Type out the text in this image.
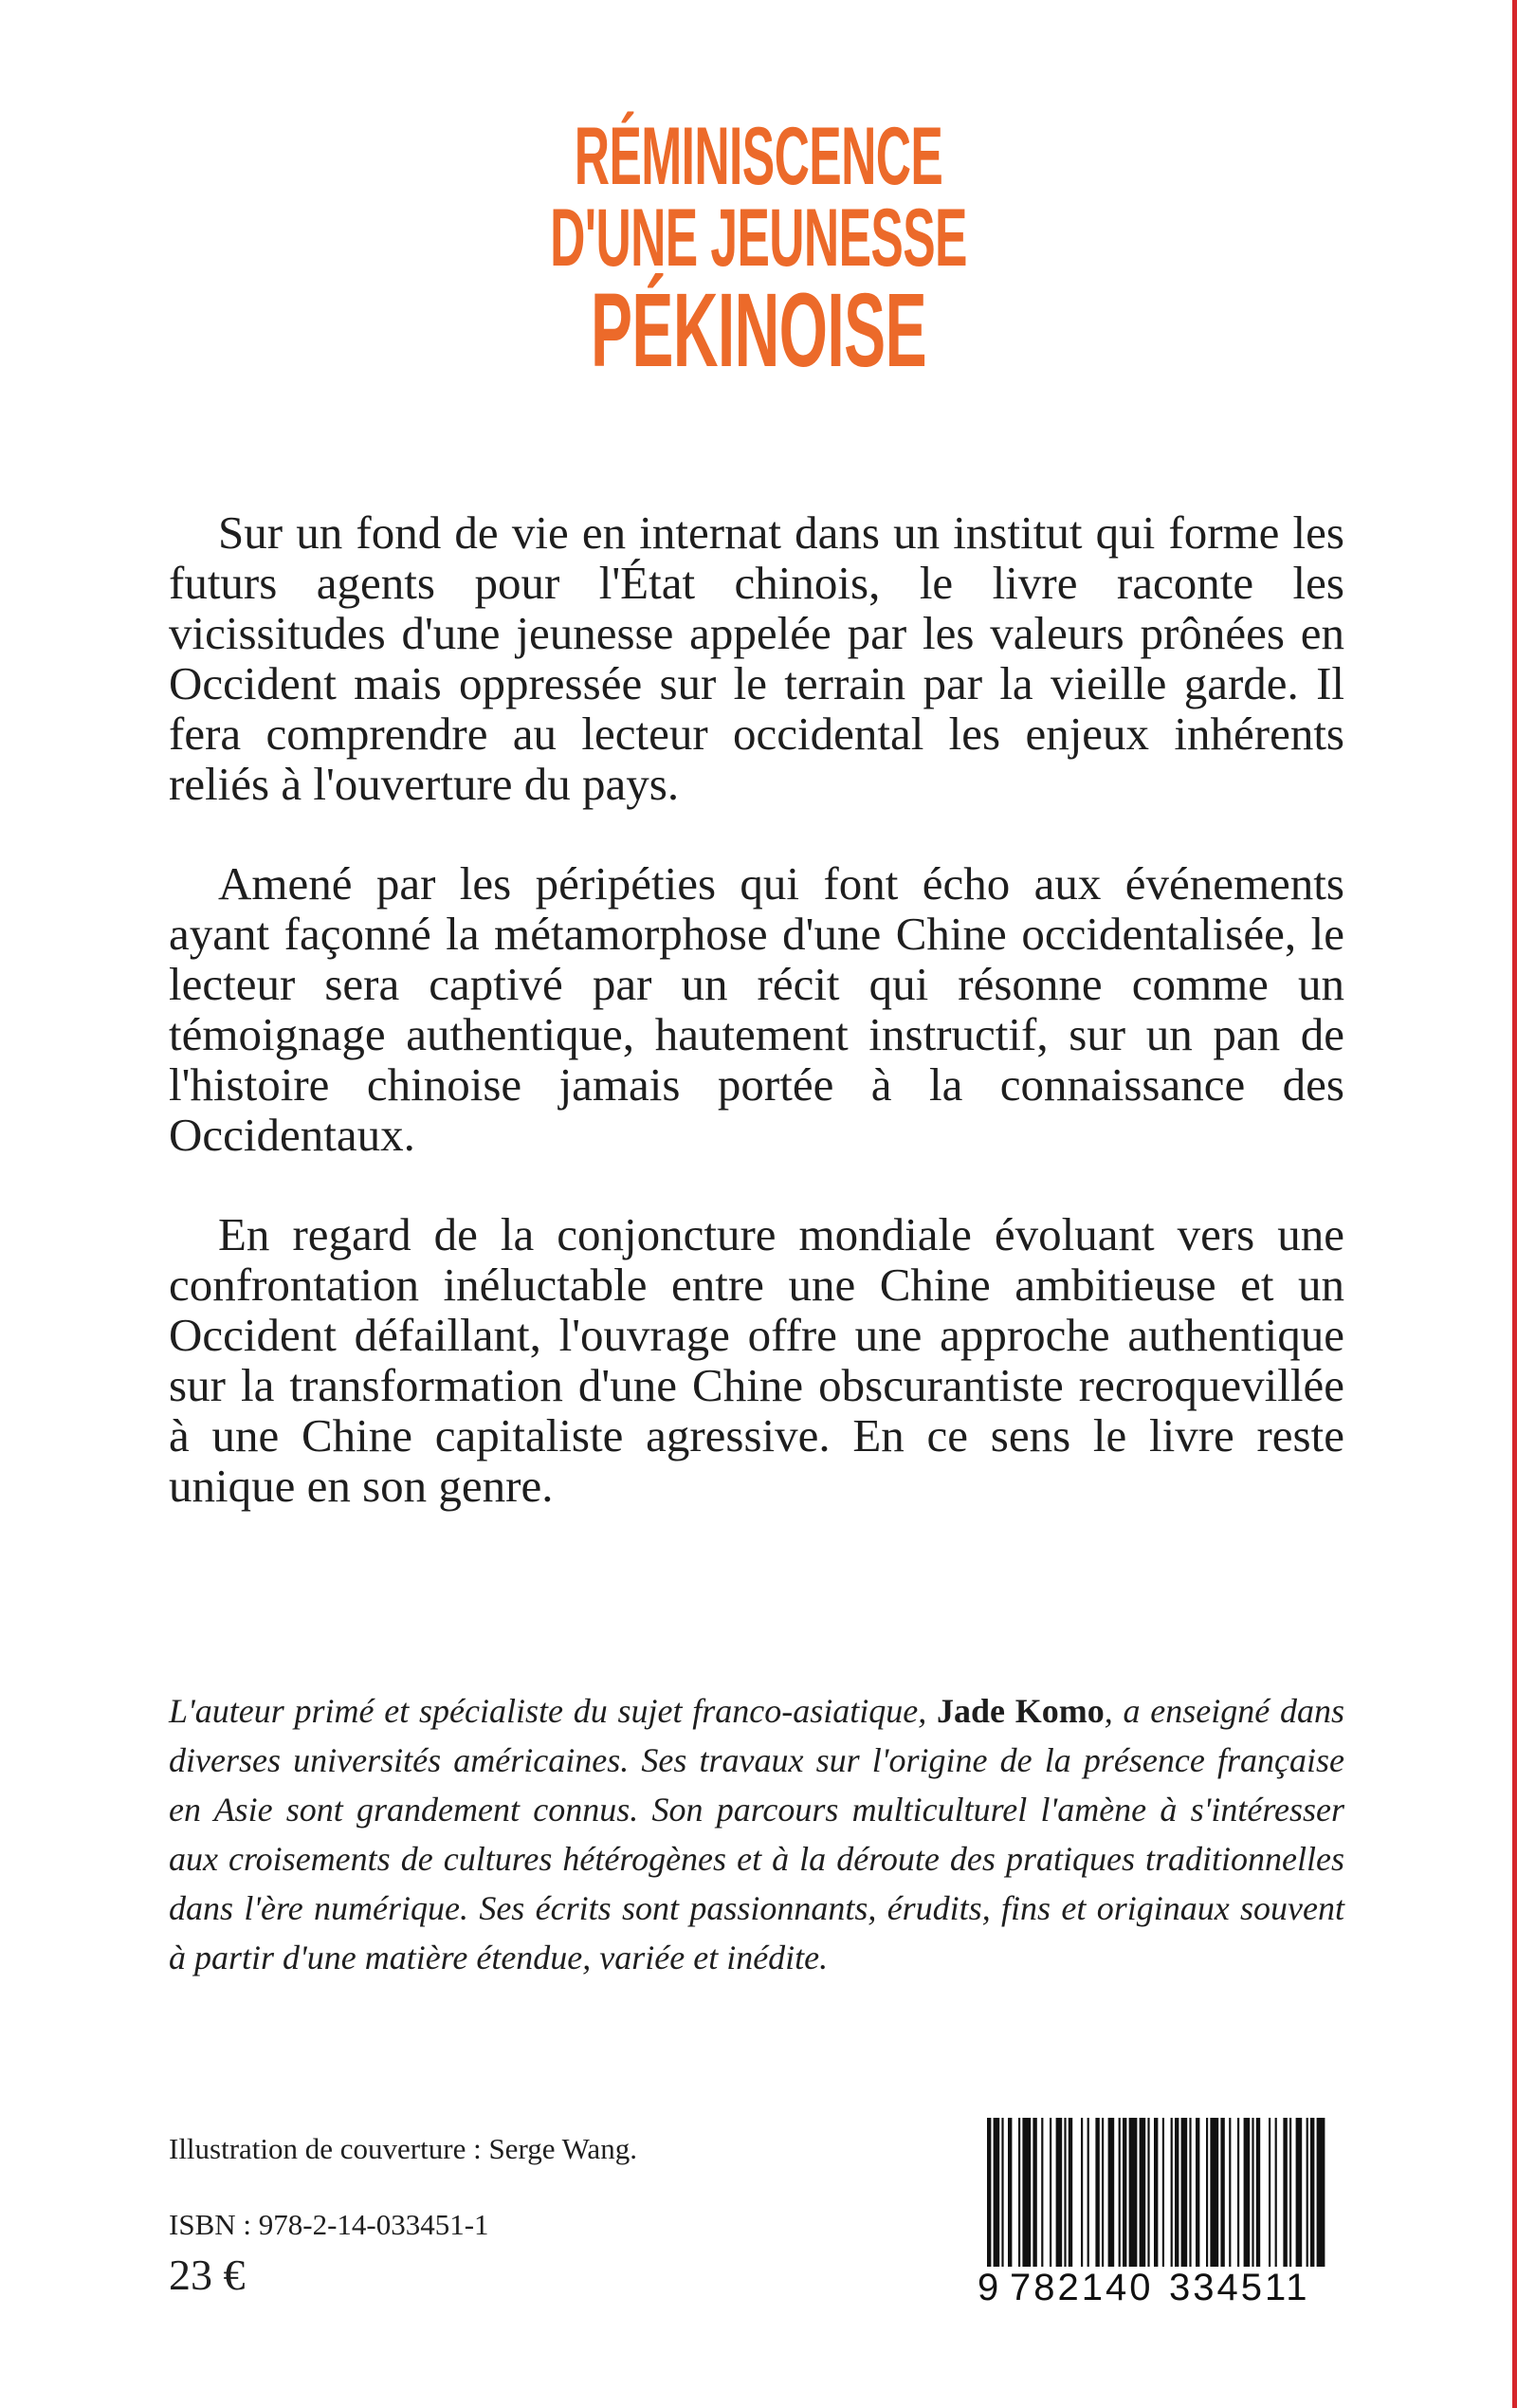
RÉMINISCENCE
D'UNE JEUNESSE
PÉKINOISE

Sur un fond de vie en internat dans un institut qui forme les futurs agents pour l'État chinois, le livre raconte les vicissitudes d'une jeunesse appelée par les valeurs prônées en Occident mais oppressée sur le terrain par la vieille garde. Il fera comprendre au lecteur occidental les enjeux inhérents reliés à l'ouverture du pays.

Amené par les péripéties qui font écho aux événements ayant façonné la métamorphose d'une Chine occidentalisée, le lecteur sera captivé par un récit qui résonne comme un témoignage authentique, hautement instructif, sur un pan de l'histoire chinoise jamais portée à la connaissance des Occidentaux.

En regard de la conjoncture mondiale évoluant vers une confrontation inéluctable entre une Chine ambitieuse et un Occident défaillant, l'ouvrage offre une approche authentique sur la transformation d'une Chine obscurantiste recroquevillée à une Chine capitaliste agressive. En ce sens le livre reste unique en son genre.

L'auteur primé et spécialiste du sujet franco-asiatique, Jade Komo, a enseigné dans diverses universités américaines. Ses travaux sur l'origine de la présence française en Asie sont grandement connus. Son parcours multiculturel l'amène à s'intéresser aux croisements de cultures hétérogènes et à la déroute des pratiques traditionnelles dans l'ère numérique. Ses écrits sont passionnants, érudits, fins et originaux souvent à partir d'une matière étendue, variée et inédite.

Illustration de couverture : Serge Wang.
ISBN : 978-2-14-033451-1
23 €	9 782140 334511
